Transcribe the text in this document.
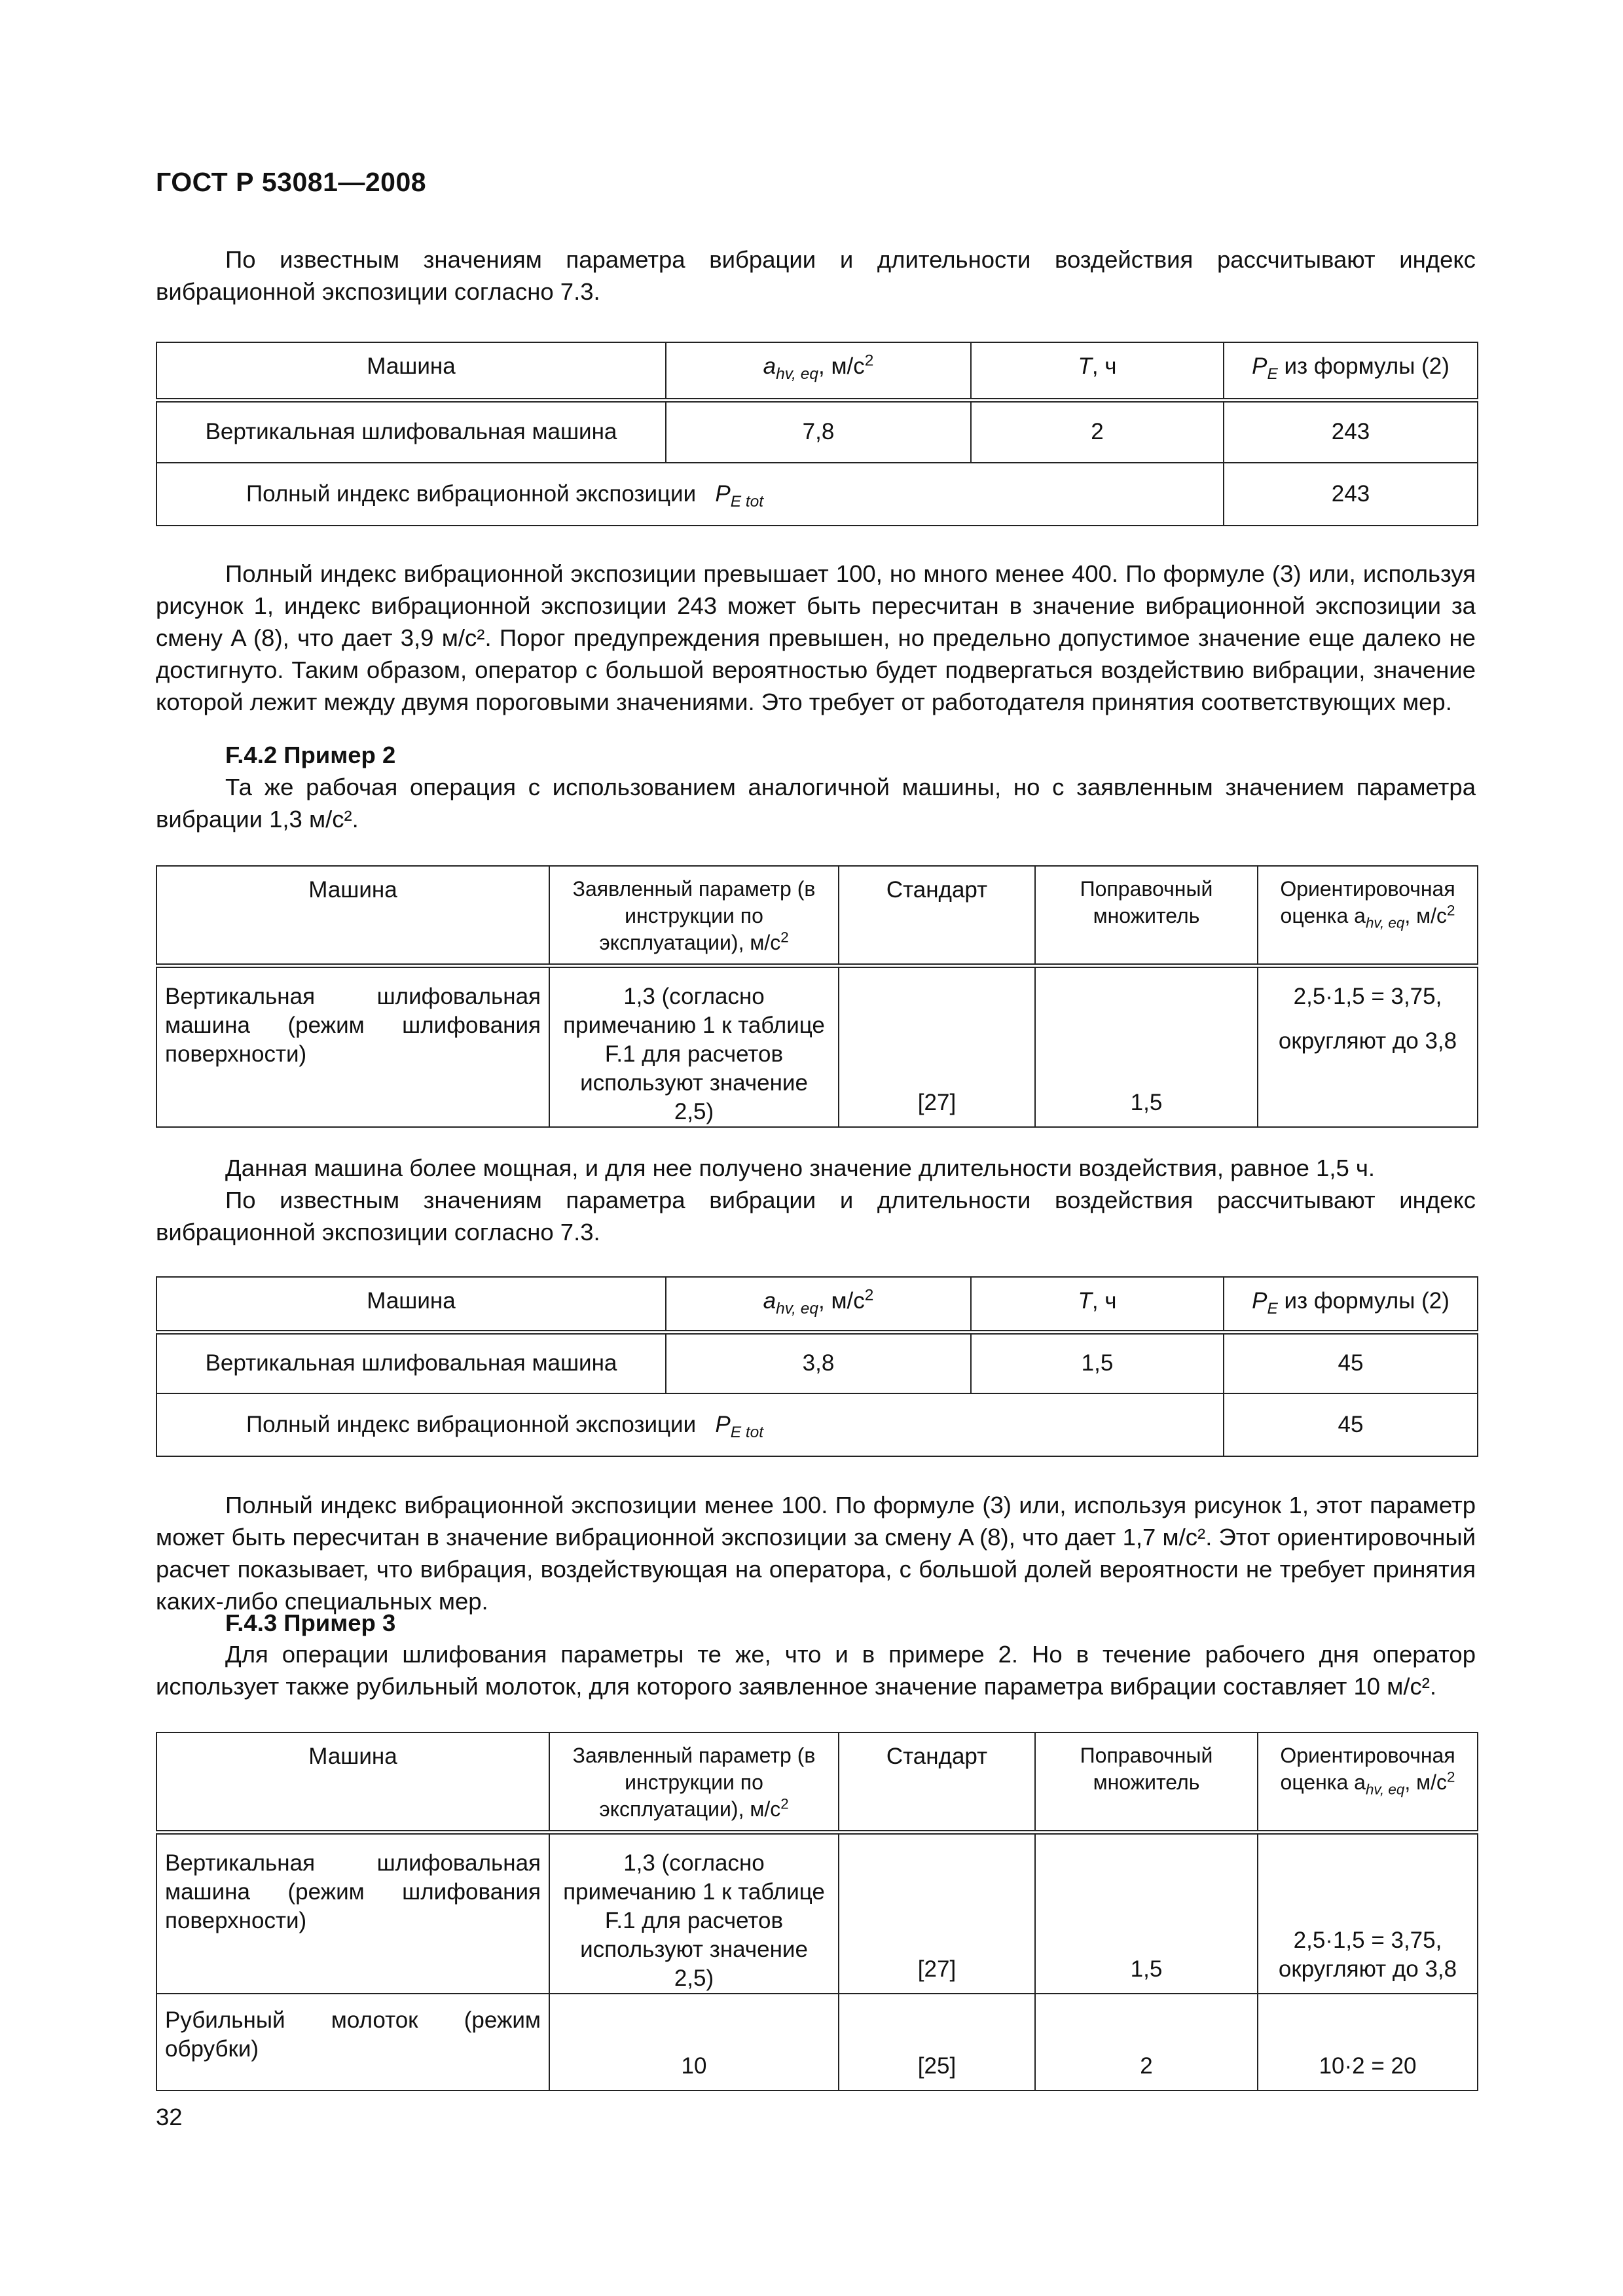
ГОСТ Р 53081—2008
По известным значениям параметра вибрации и длительности воздействия рассчитывают индекс вибрационной экспозиции согласно 7.3.
Машина	$a_{hv, eq}$, $м/с^2$	T, ч	$P_E$ из формулы (2)
Вертикальная шлифовальная машина	7,8	2	243
Полный индекс вибрационной экспозиции $P_{E tot}$			243
Полный индекс вибрационной экспозиции превышает 100, но много менее 400. По формуле (3) или, используя рисунок 1, индекс вибрационной экспозиции 243 может быть пересчитан в значение вибрационной экспозиции за смену A (8), что дает 3,9 м/с². Порог предупреждения превышен, но предельно допустимое значение еще далеко не достигнуто. Таким образом, оператор с большой вероятностью будет подвергаться воздействию вибрации, значение которой лежит между двумя пороговыми значениями. Это требует от работодателя принятия соответствующих мер.
F.4.2 Пример 2
Та же рабочая операция с использованием аналогичной машины, но с заявленным значением параметра вибрации 1,3 м/с².
Машина	Заявленный параметр (в инструкции по эксплуатации), $м/с^2$	Стандарт	Поправочный множитель	Ориентировочная оценка $a_{hv, eq}$, $м/с^2$
Вертикальная шлифовальная машина (режим шлифования поверхности)	1,3 (согласно примечанию 1 к таблице F.1 для расчетов используют значение 2,5)	[27]	1,5	2,5·1,5 = 3,75,
округляют до 3,8
Данная машина более мощная, и для нее получено значение длительности воздействия, равное 1,5 ч.
По известным значениям параметра вибрации и длительности воздействия рассчитывают индекс вибрационной экспозиции согласно 7.3.
Машина	$a_{hv, eq}$, $м/с^2$	T, ч	$P_E$ из формулы (2)
Вертикальная шлифовальная машина	3,8	1,5	45
Полный индекс вибрационной экспозиции $P_{E tot}$			45
Полный индекс вибрационной экспозиции менее 100. По формуле (3) или, используя рисунок 1, этот параметр может быть пересчитан в значение вибрационной экспозиции за смену A (8), что дает 1,7 м/с². Этот ориентировочный расчет показывает, что вибрация, воздействующая на оператора, с большой долей вероятности не требует принятия каких-либо специальных мер.
F.4.3 Пример 3
Для операции шлифования параметры те же, что и в примере 2. Но в течение рабочего дня оператор использует также рубильный молоток, для которого заявленное значение параметра вибрации составляет 10 м/с².
Машина	Заявленный параметр (в инструкции по эксплуатации), $м/с^2$	Стандарт	Поправочный множитель	Ориентировочная оценка $a_{hv, eq}$, $м/с^2$
Вертикальная шлифовальная машина (режим шлифования поверхности)	1,3 (согласно примечанию 1 к таблице F.1 для расчетов используют значение 2,5)	[27]	1,5	2,5·1,5 = 3,75,
округляют до 3,8

Рубильный молоток (режим обрубки)	10	[25]	2	10·2 = 20
32
